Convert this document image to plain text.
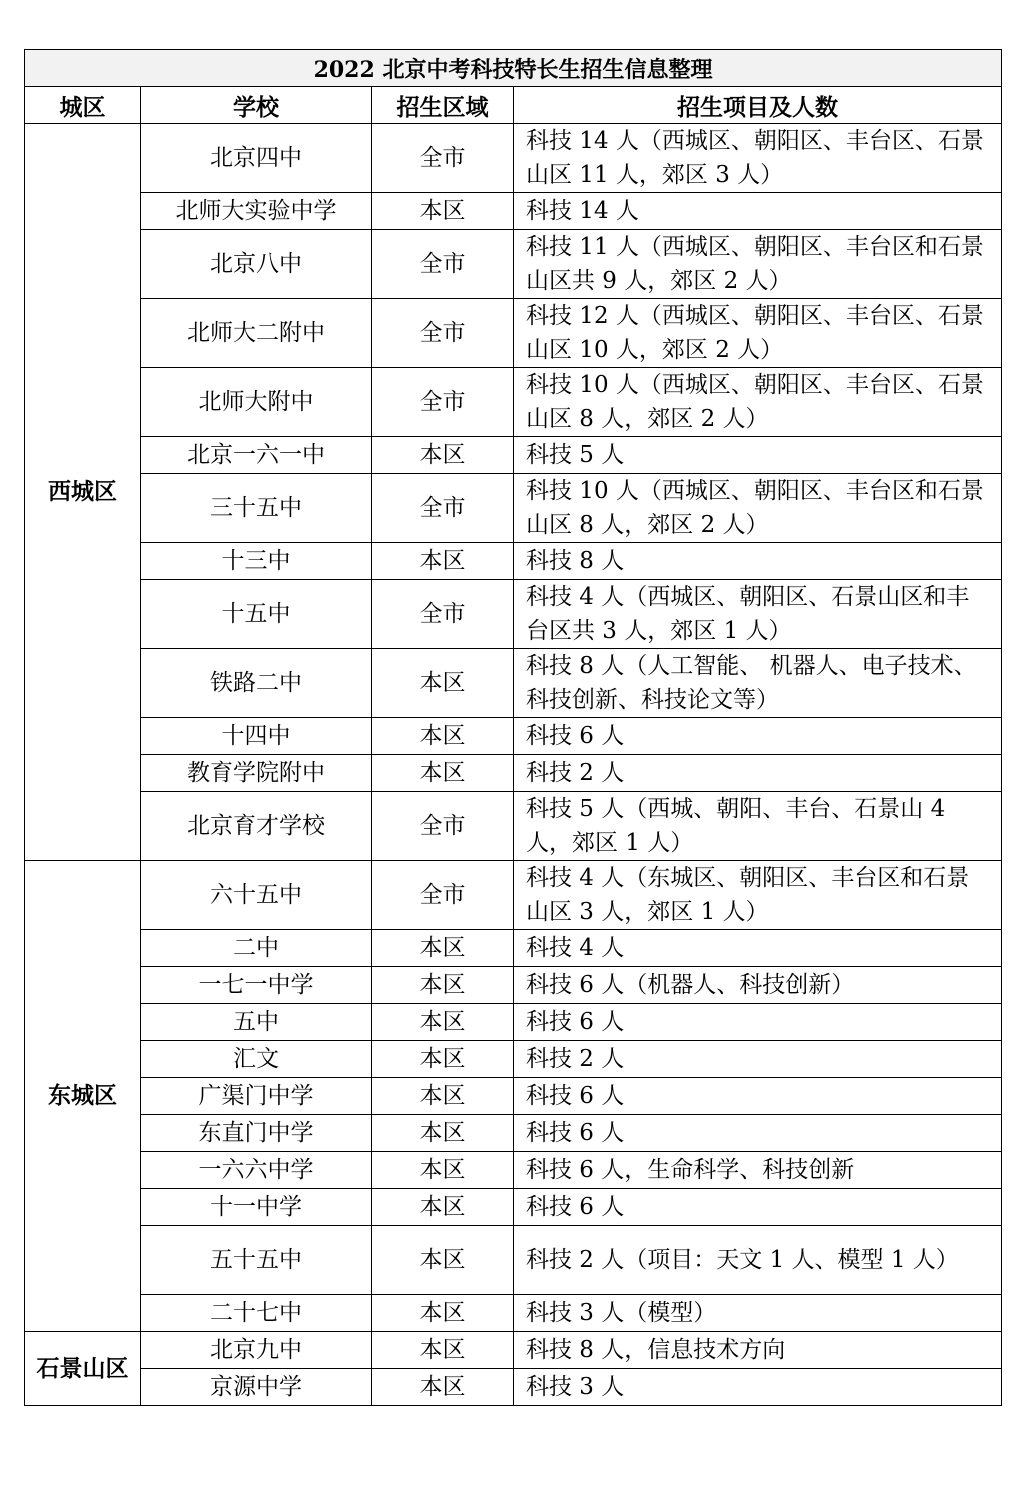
2022 北京中考科技特长生招生信息整理			
城区	学校	招生区域	招生项目及人数
西城区	北京四中	全市	科技 14 人（西城区、朝阳区、丰台区、石景山区 11 人，郊区 3 人）
	北师大实验中学	本区	科技 14 人
	北京八中	全市	科技 11 人（西城区、朝阳区、丰台区和石景山区共 9 人，郊区 2 人）
	北师大二附中	全市	科技 12 人（西城区、朝阳区、丰台区、石景山区 10 人，郊区 2 人）
	北师大附中	全市	科技 10 人（西城区、朝阳区、丰台区、石景山区 8 人，郊区 2 人）
	北京一六一中	本区	科技 5 人
	三十五中	全市	科技 10 人（西城区、朝阳区、丰台区和石景山区 8 人，郊区 2 人）
	十三中	本区	科技 8 人
	十五中	全市	科技 4 人（西城区、朝阳区、石景山区和丰台区共 3 人，郊区 1 人）
	铁路二中	本区	科技 8 人（人工智能、 机器人、电子技术、科技创新、科技论文等）
	十四中	本区	科技 6 人
	教育学院附中	本区	科技 2 人
	北京育才学校	全市	科技 5 人（西城、朝阳、丰台、石景山 4 人，郊区 1 人）
东城区	六十五中	全市	科技 4 人（东城区、朝阳区、丰台区和石景山区 3 人，郊区 1 人）
	二中	本区	科技 4 人
	一七一中学	本区	科技 6 人（机器人、科技创新）
	五中	本区	科技 6 人
	汇文	本区	科技 2 人
	广渠门中学	本区	科技 6 人
	东直门中学	本区	科技 6 人
	一六六中学	本区	科技 6 人，生命科学、科技创新
	十一中学	本区	科技 6 人
	五十五中	本区	科技 2 人（项目：天文 1 人、模型 1 人）
	二十七中	本区	科技 3 人（模型）
石景山区	北京九中	本区	科技 8 人，信息技术方向
	京源中学	本区	科技 3 人
